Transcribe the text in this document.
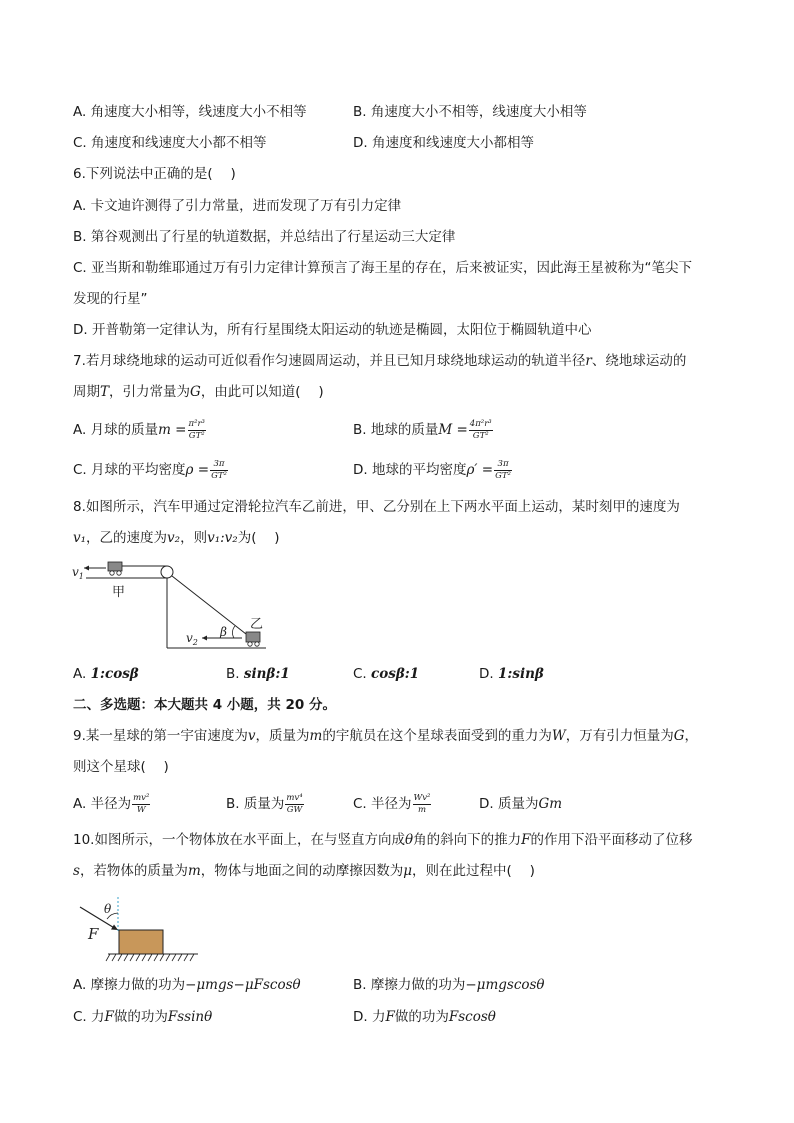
A. 角速度大小相等，线速度大小不相等	B. 角速度大小不相等，线速度大小相等
C. 角速度和线速度大小都不相等	D. 角速度和线速度大小都相等
6.下列说法中正确的是(　 )
A. 卡文迪许测得了引力常量，进而发现了万有引力定律
B. 第谷观测出了行星的轨道数据，并总结出了行星运动三大定律
C. 亚当斯和勒维耶通过万有引力定律计算预言了海王星的存在，后来被证实，因此海王星被称为“笔尖下
发现的行星”
D. 开普勒第一定律认为，所有行星围绕太阳运动的轨迹是椭圆，太阳位于椭圆轨道中心
7.若月球绕地球的运动可近似看作匀速圆周运动，并且已知月球绕地球运动的轨道半径r、绕地球运动的
周期T，引力常量为G，由此可以知道(　 )
A. 月球的质量$m = \frac{\text{π²r³}}{\text{GT²}}$	B. 地球的质量$M = \frac{\text{4π²r³}}{\text{GT²}}$
C. 月球的平均密度$\rho = \frac{3\pi}{\text{GT²}}$	D. 地球的平均密度$\rho' = \frac{3\pi}{\text{GT²}}$
8.如图所示，汽车甲通过定滑轮拉汽车乙前进，甲、乙分别在上下两水平面上运动，某时刻甲的速度为
v₁，乙的速度为v₂，则v₁:v₂为(　 )
$v_1$
甲
乙
$v_2$
β
A. 1:cosβ	B. sinβ:1	C. cosβ:1	D. 1:sinβ
二、多选题：本大题共 4 小题，共 20 分。
9.某一星球的第一宇宙速度为v，质量为m的宇航员在这个星球表面受到的重力为W，万有引力恒量为G，
则这个星球(　 )
A. 半径为 $\frac{\text{mv²}}{W}$	B. 质量为 $\frac{\text{mv⁴}}{GW}$	C. 半径为 $\frac{\text{Wv²}}{m}$	D. 质量为Gm
10.如图所示，一个物体放在水平面上，在与竖直方向成θ角的斜向下的推力F的作用下沿平面移动了位移
s，若物体的质量为m，物体与地面之间的动摩擦因数为μ，则在此过程中(　 )
θ
F
A. 摩擦力做的功为−μmgs−μFscosθ	B. 摩擦力做的功为−μmgscosθ
C. 力F做的功为Fssinθ	D. 力F做的功为Fscosθ
